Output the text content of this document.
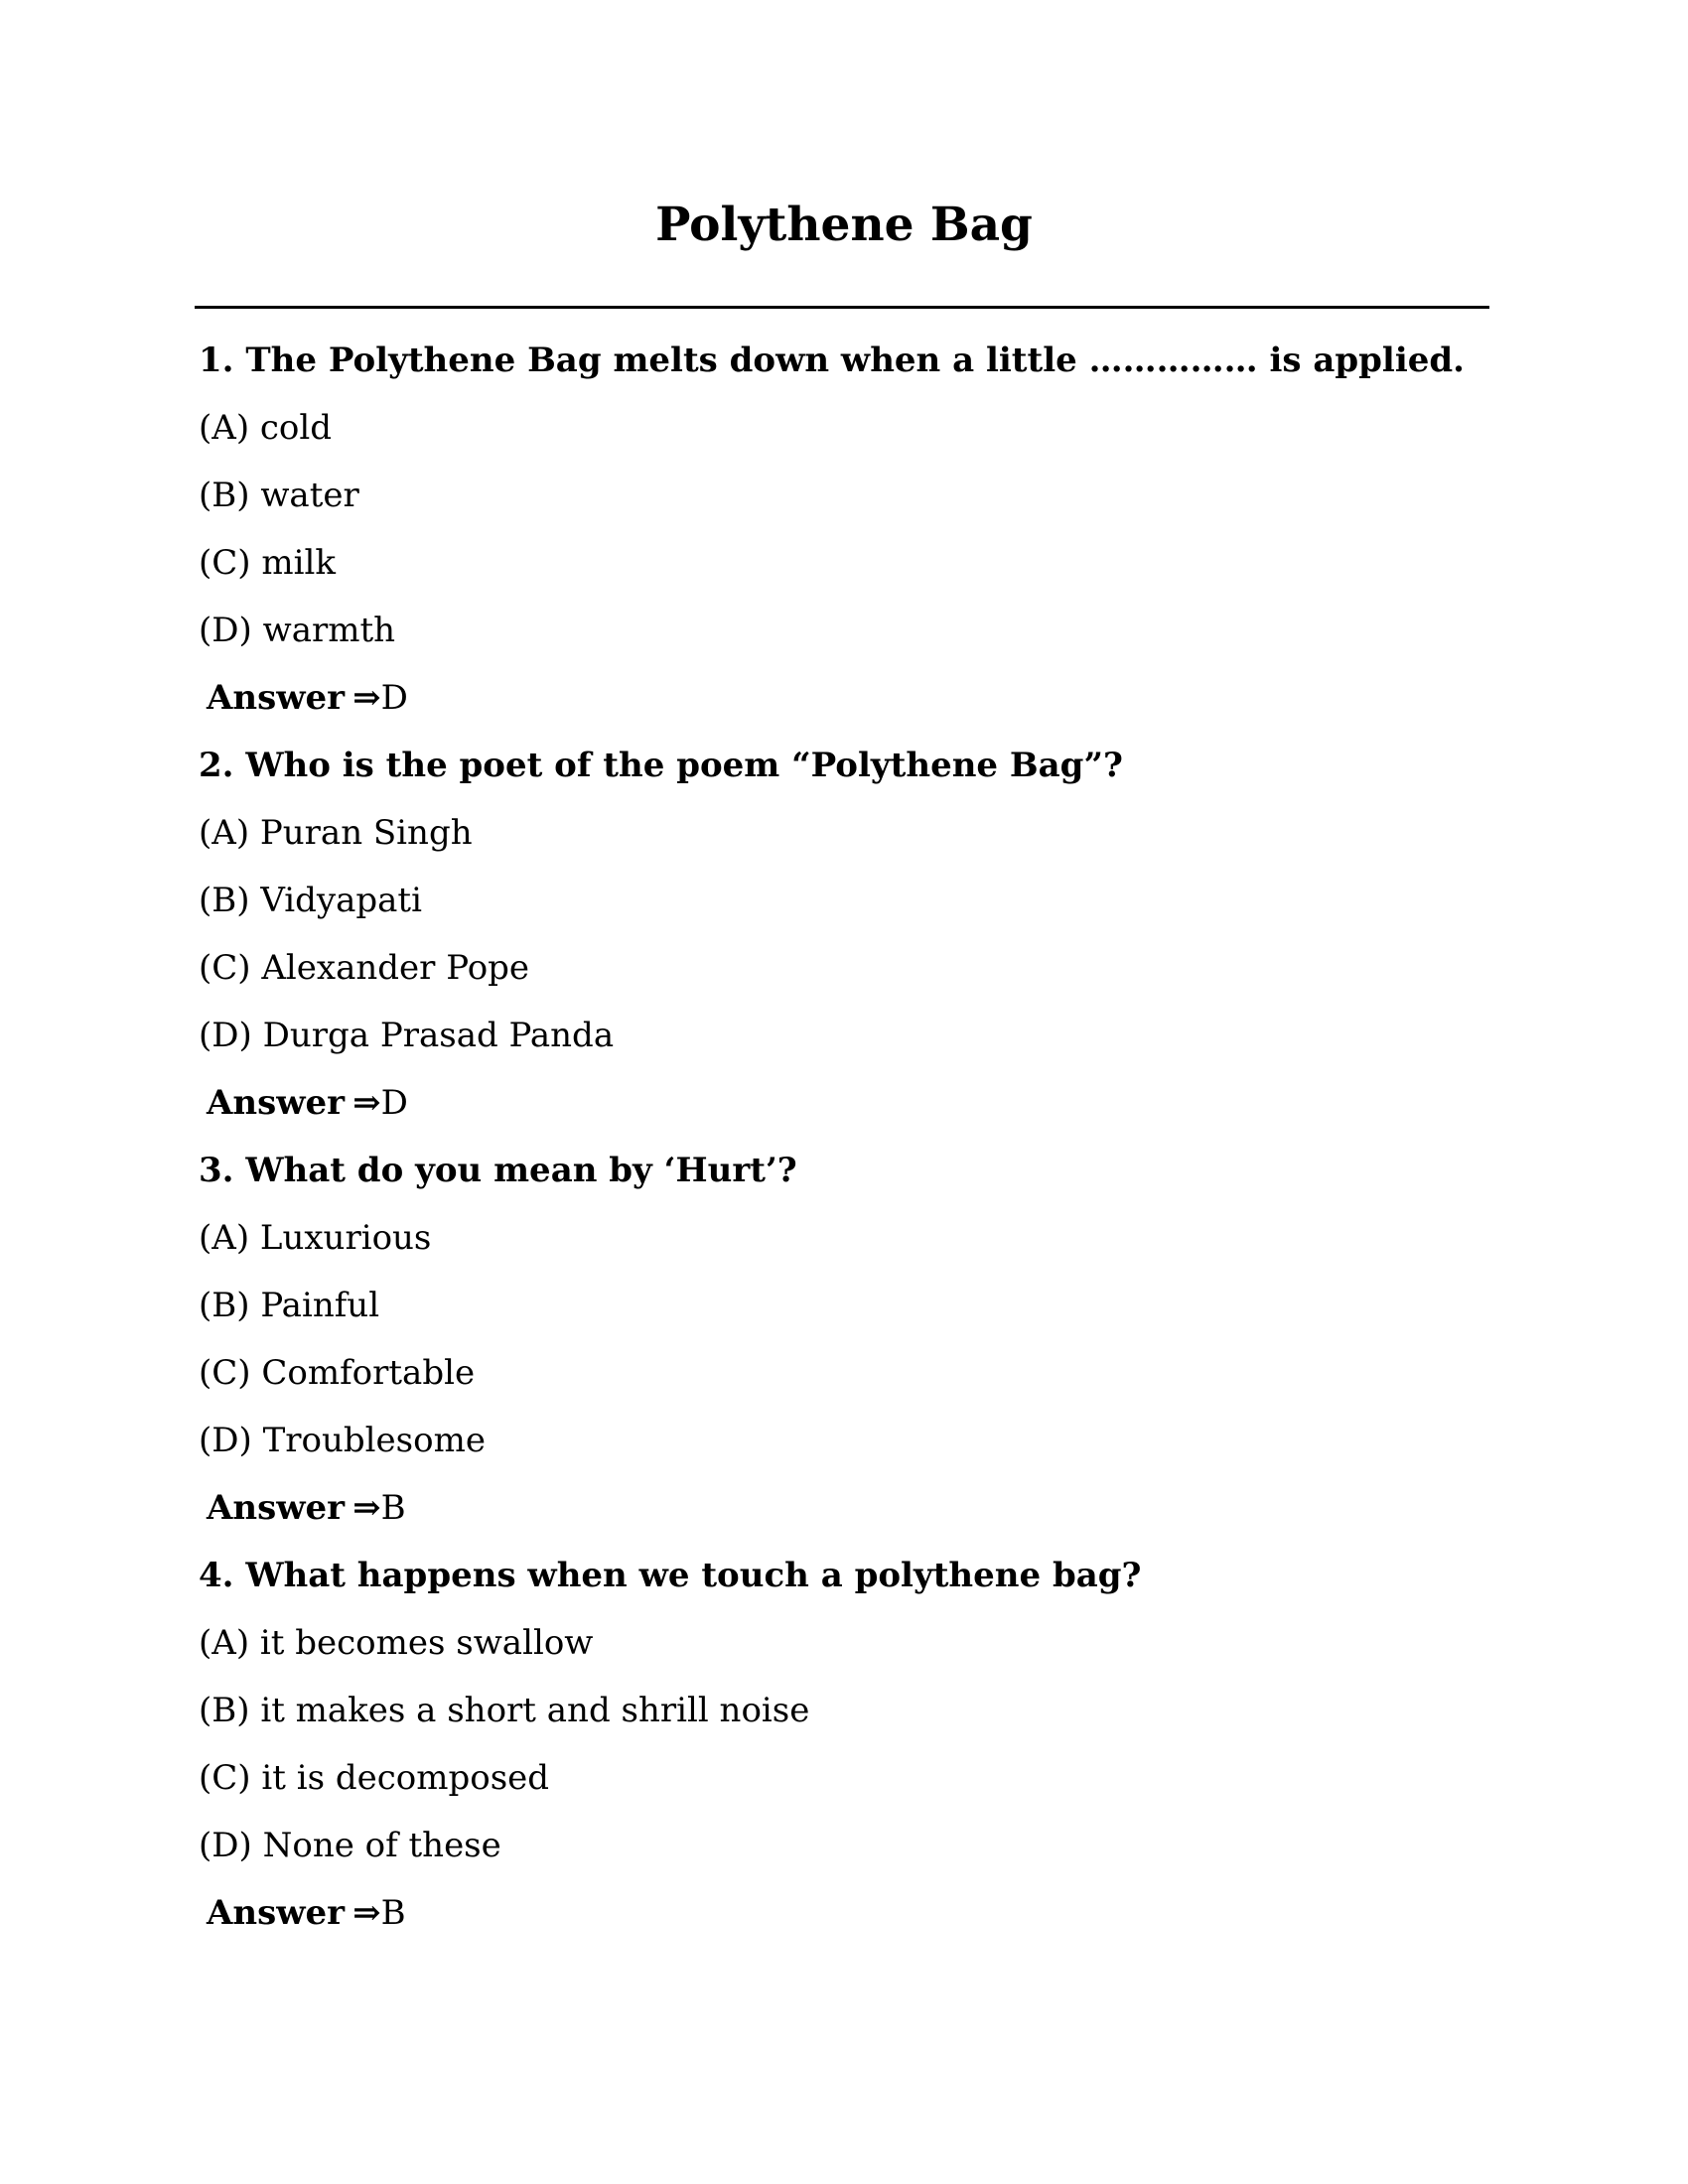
Polythene Bag
1. The Polythene Bag melts down when a little …………… is applied.
(A) cold
(B) water
(C) milk
(D) warmth
Answer ⇒D
2. Who is the poet of the poem “Polythene Bag”?
(A) Puran Singh
(B) Vidyapati
(C) Alexander Pope
(D) Durga Prasad Panda
Answer ⇒D
3. What do you mean by ‘Hurt’?
(A) Luxurious
(B) Painful
(C) Comfortable
(D) Troublesome
Answer ⇒B
4. What happens when we touch a polythene bag?
(A) it becomes swallow
(B) it makes a short and shrill noise
(C) it is decomposed
(D) None of these
Answer ⇒B
